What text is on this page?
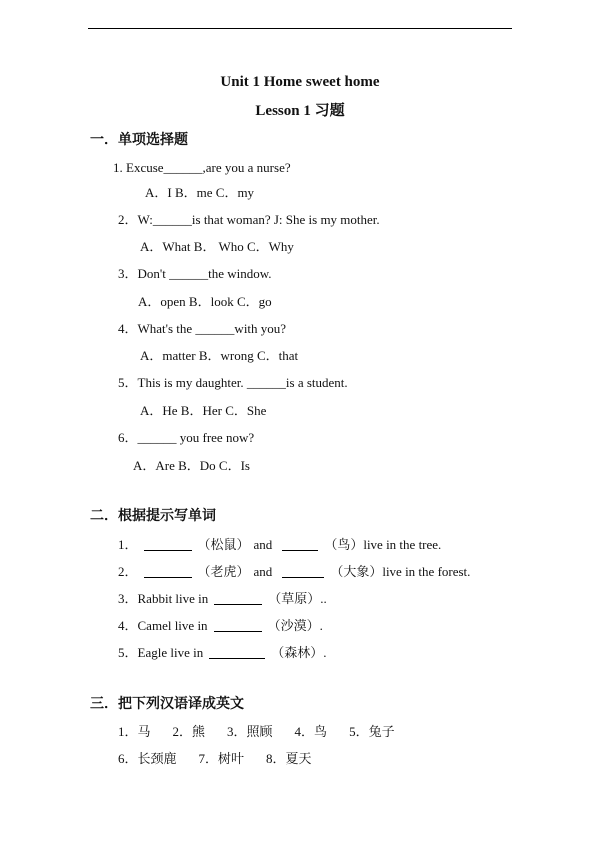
Unit 1 Home sweet home
Lesson 1 习题
一．单项选择题
1. Excuse______,are you a nurse?
A．I B．me C．my
2．W:______is that woman? J: She is my mother.
A．What B． Who C．Why
3．Don't ______the window.
A．open B．look C．go
4．What's the ______with you?
A．matter B．wrong C．that
5．This is my daughter. ______is a student.
A．He B．Her C．She
6．______ you free now?
A．Are B．Do C．Is
二．根据提示写单词
1．	（松鼠） and	（鸟）live in the tree.
2．	（老虎） and	（大象）live in the forest.
3．Rabbit live in	（草原）..
4．Camel live in	（沙漠）.
5．Eagle live in	（森林）.
三．把下列汉语译成英文
1．马 2．熊 3．照顾 4．鸟 5．兔子
6．长颈鹿 7．树叶 8．夏天
